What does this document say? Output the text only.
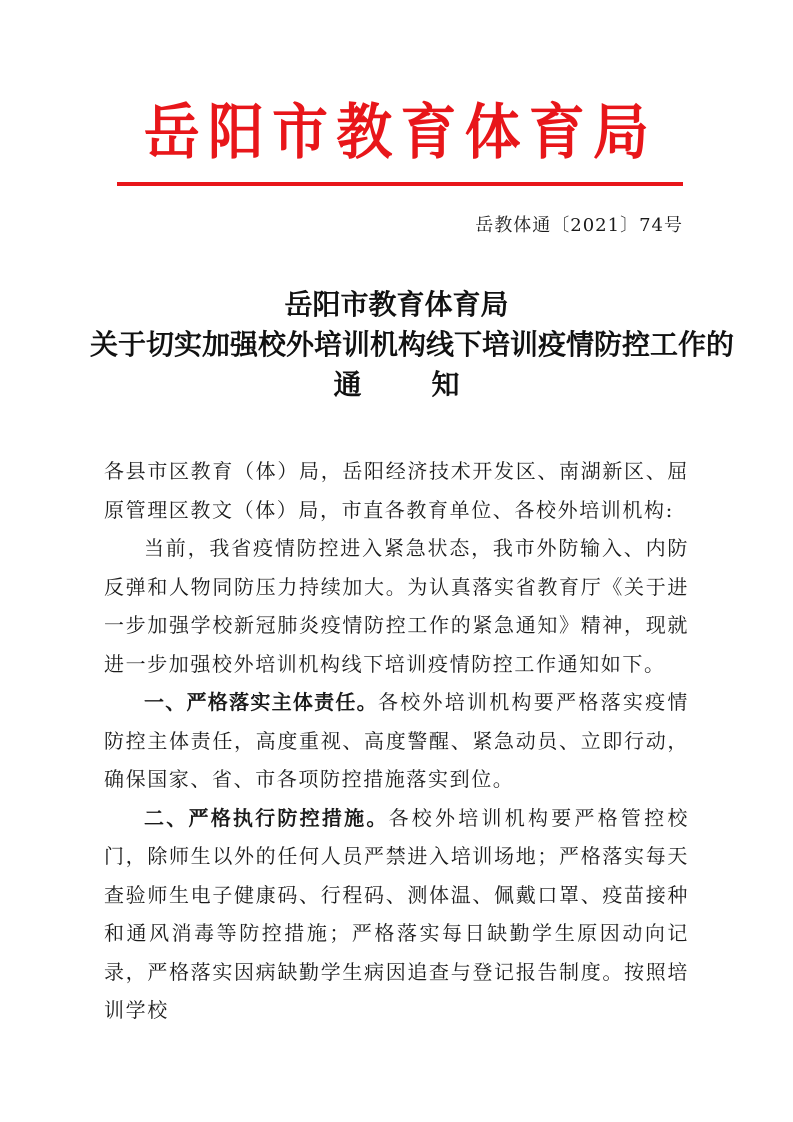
岳阳市教育体育局
岳教体通〔2021〕74号
岳阳市教育体育局
关于切实加强校外培训机构线下培训疫情防控工作的
通	知

各县市区教育（体）局，岳阳经济技术开发区、南湖新区、屈原管理区教文（体）局，市直各教育单位、各校外培训机构:

当前，我省疫情防控进入紧急状态，我市外防输入、内防反弹和人物同防压力持续加大。为认真落实省教育厅《关于进一步加强学校新冠肺炎疫情防控工作的紧急通知》精神，现就进一步加强校外培训机构线下培训疫情防控工作通知如下。

一、严格落实主体责任。各校外培训机构要严格落实疫情防控主体责任，高度重视、高度警醒、紧急动员、立即行动，确保国家、省、市各项防控措施落实到位。

二、严格执行防控措施。各校外培训机构要严格管控校门，除师生以外的任何人员严禁进入培训场地；严格落实每天查验师生电子健康码、行程码、测体温、佩戴口罩、疫苗接种和通风消毒等防控措施；严格落实每日缺勤学生原因动向记录，严格落实因病缺勤学生病因追查与登记报告制度。按照培训学校
